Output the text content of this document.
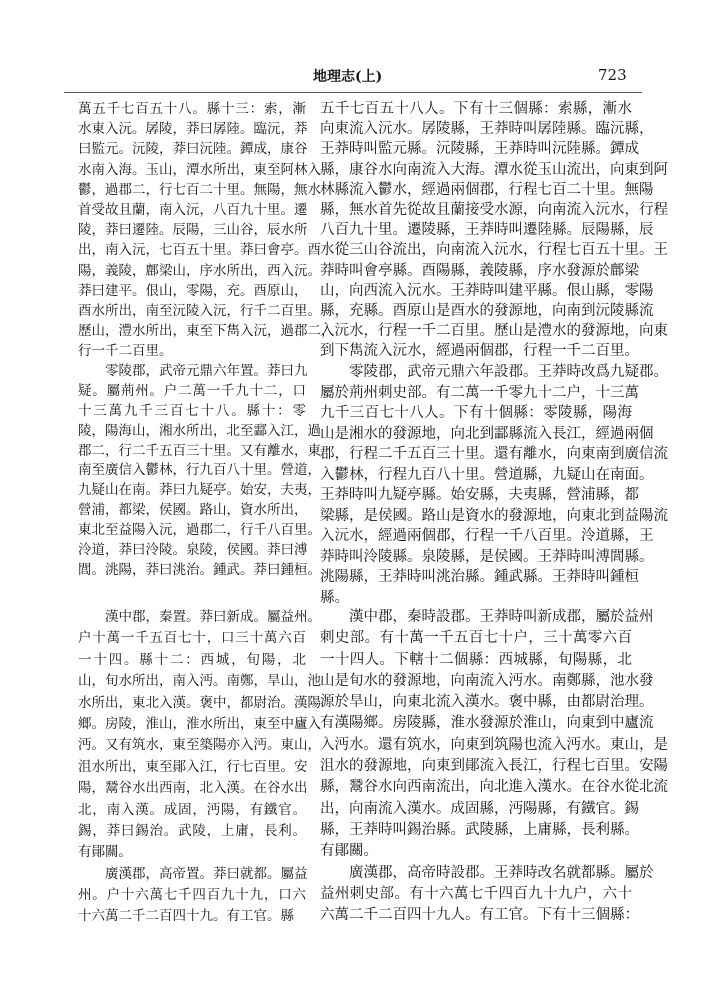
地理志(上)	723
萬五千七百五十八。縣十三：索，漸
水東入沅。孱陵，莽曰孱陸。臨沅，莽
曰監元。沅陵，莽曰沅陸。鐔成，康谷
水南入海。玉山，潭水所出，東至阿林入
鬱，過郡二，行七百二十里。無陽，無水
首受故且蘭，南入沅，八百九十里。遷
陵，莽曰遷陸。辰陽，三山谷，辰水所
出，南入沅，七百五十里。莽曰會亭。酉
陽，義陵，鄜梁山，序水所出，西入沅。
莽曰建平。佷山，零陽，充。酉原山，
酉水所出，南至沅陵入沅，行千二百里。
歷山，澧水所出，東至下雋入沅，過郡二，
行一千二百里。
零陵郡，武帝元鼎六年置。莽曰九
疑。屬荊州。户二萬一千九十二，口
十三萬九千三百七十八。縣十：零
陵，陽海山，湘水所出，北至酃入江，過
郡二，行二千五百三十里。又有離水，東
南至廣信入鬱林，行九百八十里。營道，
九疑山在南。莽曰九疑亭。始安，夫夷，
營浦，都梁，侯國。路山，資水所出，
東北至益陽入沅，過郡二，行千八百里。
泠道，莽曰泠陵。泉陵，侯國。莽曰溥
閭。洮陽，莽曰洮治。鍾武。莽曰鍾桓。
漢中郡，秦置。莽曰新成。屬益州。
户十萬一千五百七十，口三十萬六百
一十四。縣十二：西城，旬陽，北
山，旬水所出，南入沔。南鄭，旱山，池
水所出，東北入漢。褒中，都尉治。漢陽
鄉。房陵，淮山，淮水所出，東至中廬入
沔。又有筑水，東至築陽亦入沔。東山，
沮水所出，東至鄖入江，行七百里。安
陽，鬵谷水出西南，北入漢。在谷水出
北，南入漢。成固，沔陽，有鐵官。
錫，莽曰錫治。武陵，上庸，長利。
有鄖關。
廣漢郡，高帝置。莽曰就都。屬益
州。户十六萬七千四百九十九，口六
十六萬二千二百四十九。有工官。縣
五千七百五十八人。下有十三個縣：索縣，漸水
向東流入沅水。孱陵縣，王莽時叫孱陸縣。臨沅縣，
王莽時叫監元縣。沅陵縣，王莽時叫沅陸縣。鐔成
縣，康谷水向南流入大海。潭水從玉山流出，向東到阿
林縣流入鬱水，經過兩個郡，行程七百二十里。無陽
縣，無水首先從故且蘭接受水源，向南流入沅水，行程
八百九十里。遷陵縣，王莽時叫遷陸縣。辰陽縣，辰
水從三山谷流出，向南流入沅水，行程七百五十里。王
莽時叫會亭縣。酉陽縣，義陵縣，序水發源於鄜梁
山，向西流入沅水。王莽時叫建平縣。佷山縣，零陽
縣，充縣。酉原山是酉水的發源地，向南到沅陵縣流
入沅水，行程一千二百里。歷山是澧水的發源地，向東
到下雋流入沅水，經過兩個郡，行程一千二百里。
零陵郡，武帝元鼎六年設郡。王莽時改爲九疑郡。
屬於荊州刺史部。有二萬一千零九十二户，十三萬
九千三百七十八人。下有十個縣：零陵縣，陽海
山是湘水的發源地，向北到酃縣流入長江，經過兩個
郡，行程二千五百三十里。還有離水，向東南到廣信流
入鬱林，行程九百八十里。營道縣，九疑山在南面。
王莽時叫九疑亭縣。始安縣，夫夷縣，營浦縣，都
梁縣，是侯國。路山是資水的發源地，向東北到益陽流
入沅水，經過兩個郡，行程一千八百里。泠道縣，王
莽時叫泠陵縣。泉陵縣，是侯國。王莽時叫溥閭縣。
洮陽縣，王莽時叫洮治縣。鍾武縣。王莽時叫鍾桓
縣。
漢中郡，秦時設郡。王莽時叫新成郡，屬於益州
刺史部。有十萬一千五百七十户，三十萬零六百
一十四人。下轄十二個縣：西城縣，旬陽縣，北
山是旬水的發源地，向南流入沔水。南鄭縣，池水發
源於旱山，向東北流入漢水。褒中縣，由都尉治理。
有漢陽鄉。房陵縣，淮水發源於淮山，向東到中廬流
入沔水。還有筑水，向東到筑陽也流入沔水。東山，是
沮水的發源地，向東到鄖流入長江，行程七百里。安陽
縣，鬵谷水向西南流出，向北進入漢水。在谷水從北流
出，向南流入漢水。成固縣，沔陽縣，有鐵官。錫
縣，王莽時叫錫治縣。武陵縣，上庸縣，長利縣。
有鄖關。
廣漢郡，高帝時設郡。王莽時改名就都縣。屬於
益州刺史部。有十六萬七千四百九十九户，六十
六萬二千二百四十九人。有工官。下有十三個縣：
